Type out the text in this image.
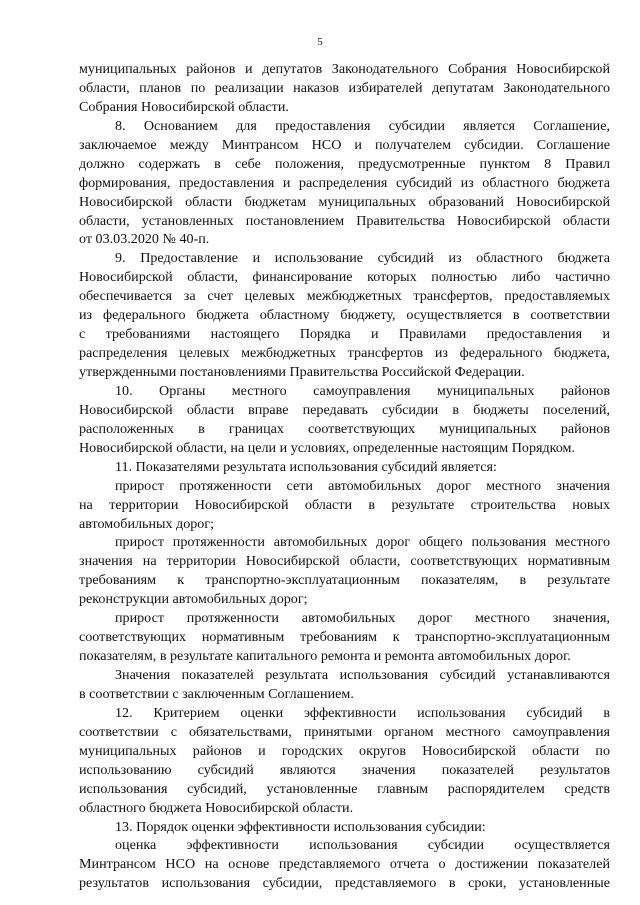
5
муниципальных районов и депутатов Законодательного Собрания Новосибирской
области, планов по реализации наказов избирателей депутатам Законодательного
Собрания Новосибирской области.
8. Основанием для предоставления субсидии является Соглашение,
заключаемое между Минтрансом НСО и получателем субсидии. Соглашение
должно содержать в себе положения, предусмотренные пунктом 8 Правил
формирования, предоставления и распределения субсидий из областного бюджета
Новосибирской области бюджетам муниципальных образований Новосибирской
области, установленных постановлением Правительства Новосибирской области
от 03.03.2020 № 40-п.
9. Предоставление и использование субсидий из областного бюджета
Новосибирской области, финансирование которых полностью либо частично
обеспечивается за счет целевых межбюджетных трансфертов, предоставляемых
из федерального бюджета областному бюджету, осуществляется в соответствии
с требованиями настоящего Порядка и Правилами предоставления и
распределения целевых межбюджетных трансфертов из федерального бюджета,
утвержденными постановлениями Правительства Российской Федерации.
10. Органы местного самоуправления муниципальных районов
Новосибирской области вправе передавать субсидии в бюджеты поселений,
расположенных в границах соответствующих муниципальных районов
Новосибирской области, на цели и условиях, определенные настоящим Порядком.
11. Показателями результата использования субсидий является:
прирост протяженности сети автомобильных дорог местного значения
на территории Новосибирской области в результате строительства новых
автомобильных дорог;
прирост протяженности автомобильных дорог общего пользования местного
значения на территории Новосибирской области, соответствующих нормативным
требованиям к транспортно-эксплуатационным показателям, в результате
реконструкции автомобильных дорог;
прирост протяженности автомобильных дорог местного значения,
соответствующих нормативным требованиям к транспортно-эксплуатационным
показателям, в результате капитального ремонта и ремонта автомобильных дорог.
Значения показателей результата использования субсидий устанавливаются
в соответствии с заключенным Соглашением.
12. Критерием оценки эффективности использования субсидий в
соответствии с обязательствами, принятыми органом местного самоуправления
муниципальных районов и городских округов Новосибирской области по
использованию субсидий являются значения показателей результатов
использования субсидий, установленные главным распорядителем средств
областного бюджета Новосибирской области.
13. Порядок оценки эффективности использования субсидии:
оценка эффективности использования субсидии осуществляется
Минтрансом НСО на основе представляемого отчета о достижении показателей
результатов использования субсидии, представляемого в сроки, установленные
